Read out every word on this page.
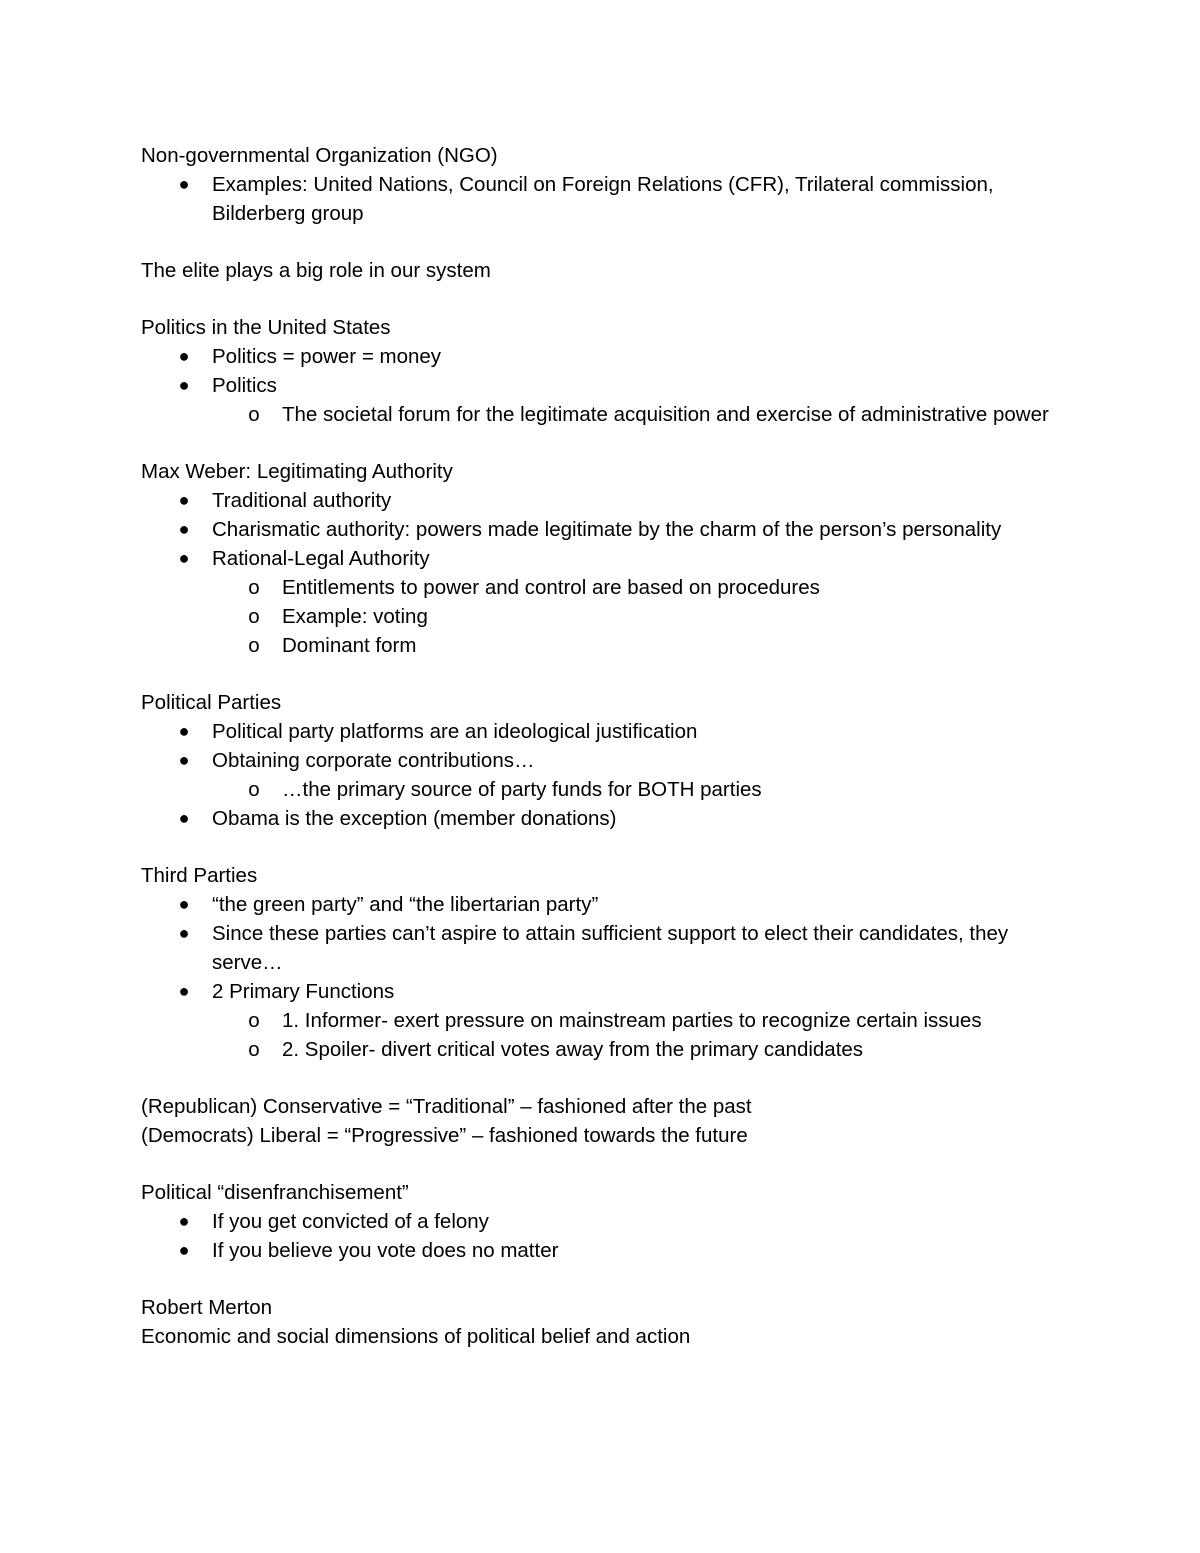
Non-governmental Organization (NGO)

● Examples: United Nations, Council on Foreign Relations (CFR), Trilateral commission, Bilderberg group

The elite plays a big role in our system

Politics in the United States

● Politics = power = money
● Politics
o The societal forum for the legitimate acquisition and exercise of administrative power

Max Weber: Legitimating Authority

● Traditional authority
● Charismatic authority: powers made legitimate by the charm of the person’s personality
● Rational-Legal Authority
o Entitlements to power and control are based on procedures
o Example: voting
o Dominant form

Political Parties

● Political party platforms are an ideological justification
● Obtaining corporate contributions…
o …the primary source of party funds for BOTH parties
● Obama is the exception (member donations)

Third Parties

● “the green party” and “the libertarian party”
● Since these parties can’t aspire to attain sufficient support to elect their candidates, they serve…
● 2 Primary Functions
o 1. Informer- exert pressure on mainstream parties to recognize certain issues
o 2. Spoiler- divert critical votes away from the primary candidates

(Republican) Conservative = “Traditional” – fashioned after the past

(Democrats) Liberal = “Progressive” – fashioned towards the future

Political “disenfranchisement”

● If you get convicted of a felony
● If you believe you vote does no matter

Robert Merton

Economic and social dimensions of political belief and action
